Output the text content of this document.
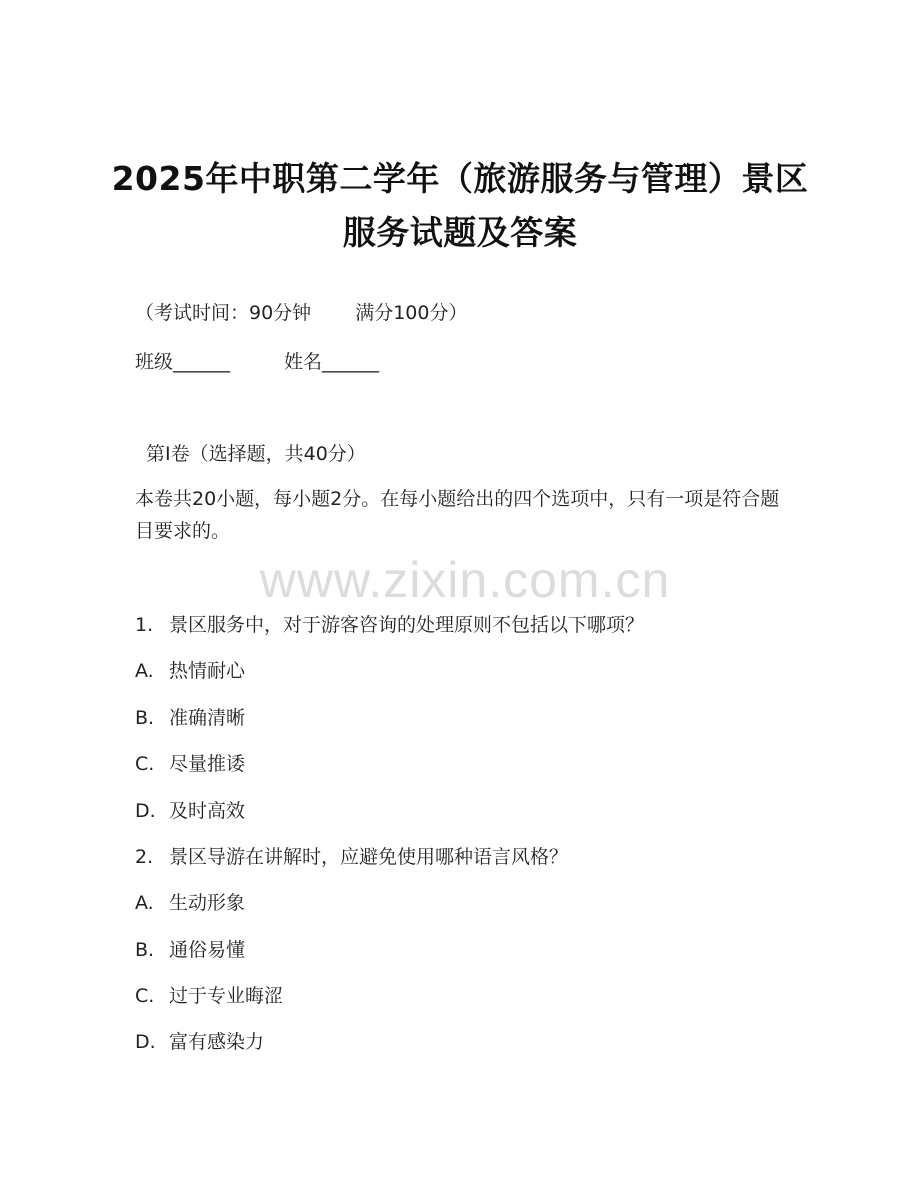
2025年中职第二学年（旅游服务与管理）景区服务试题及答案
（考试时间：90分钟 满分100分）
班级______	姓名______
第Ⅰ卷（选择题，共40分）
本卷共20小题，每小题2分。在每小题给出的四个选项中，只有一项是符合题目要求的。
www.zixin.com.cn
1. 景区服务中，对于游客咨询的处理原则不包括以下哪项？
A. 热情耐心
B. 准确清晰
C. 尽量推诿
D. 及时高效
2. 景区导游在讲解时，应避免使用哪种语言风格？
A. 生动形象
B. 通俗易懂
C. 过于专业晦涩
D. 富有感染力
